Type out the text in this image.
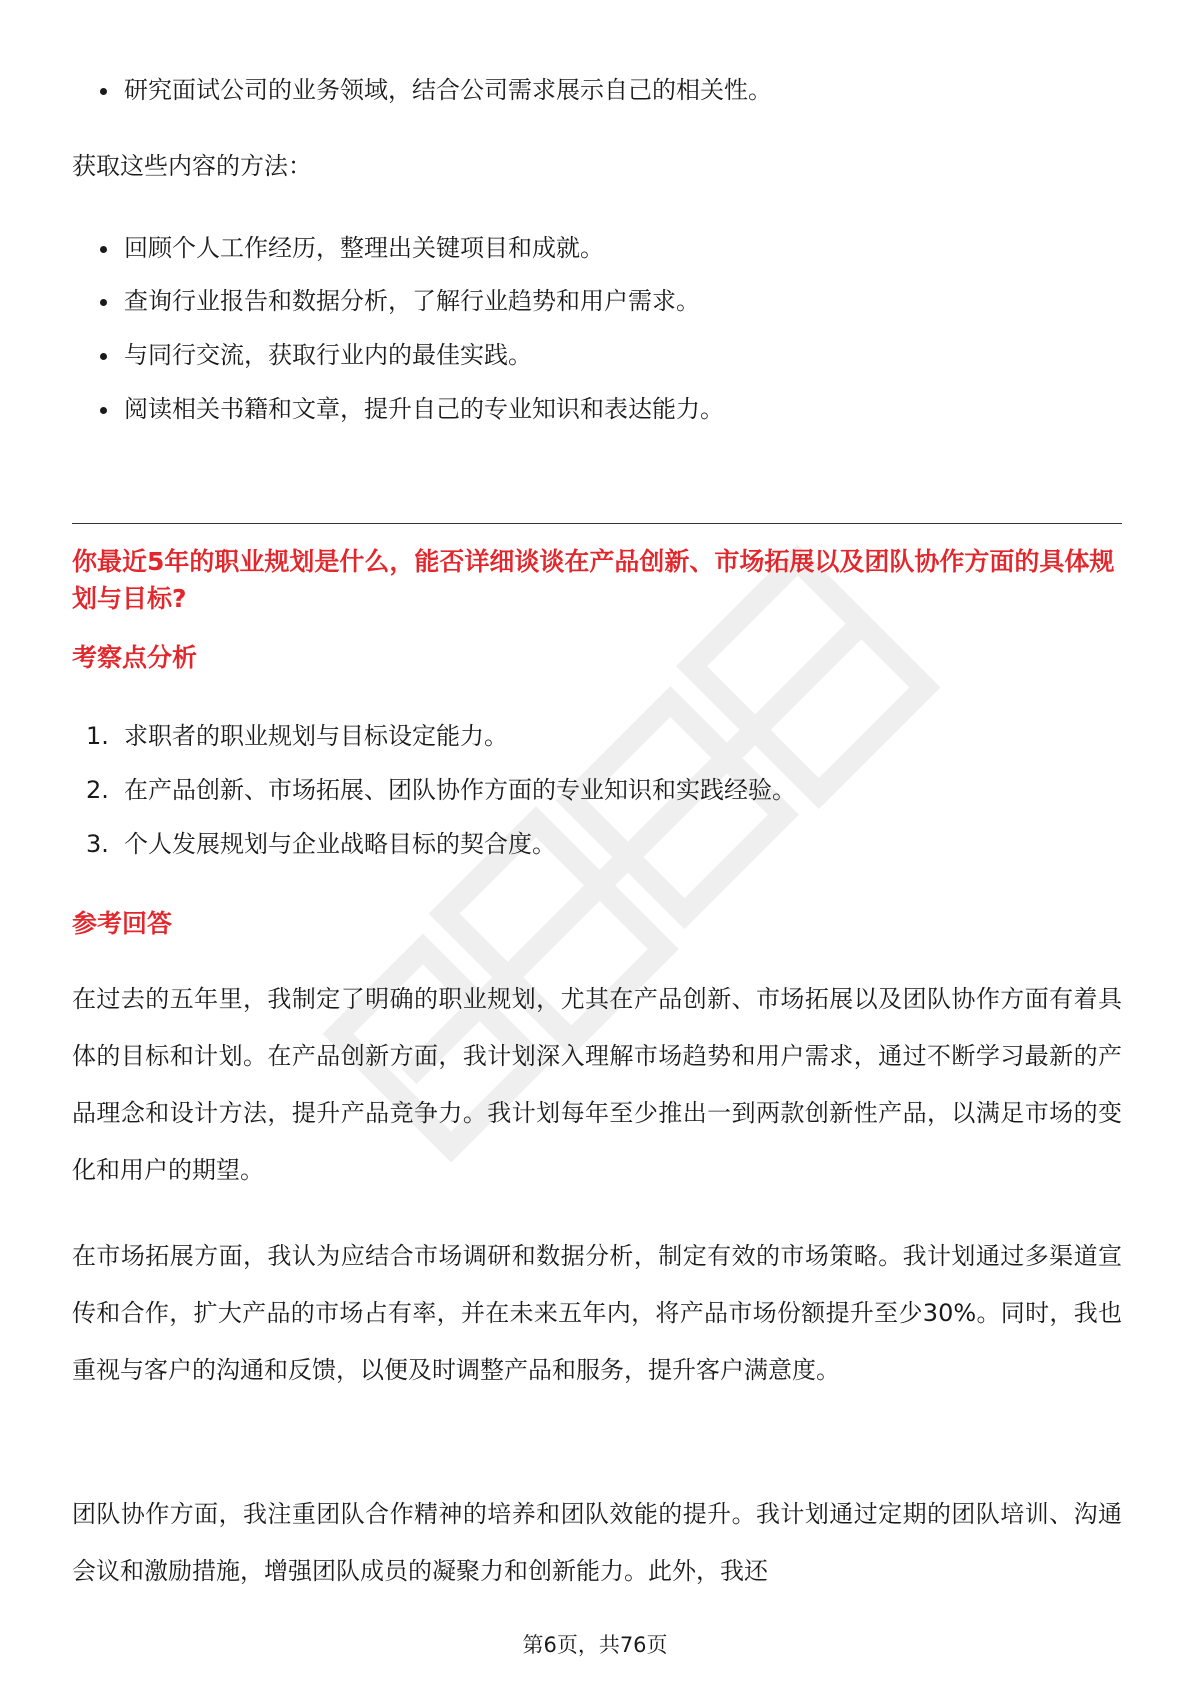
研究面试公司的业务领域，结合公司需求展示自己的相关性。
获取这些内容的方法：
回顾个人工作经历，整理出关键项目和成就。
查询行业报告和数据分析，了解行业趋势和用户需求。
与同行交流，获取行业内的最佳实践。
阅读相关书籍和文章，提升自己的专业知识和表达能力。
你最近5年的职业规划是什么，能否详细谈谈在产品创新、市场拓展以及团队协作方面的具体规划与目标?
考察点分析
1. 求职者的职业规划与目标设定能力。
2. 在产品创新、市场拓展、团队协作方面的专业知识和实践经验。
3. 个人发展规划与企业战略目标的契合度。
参考回答
在过去的五年里，我制定了明确的职业规划，尤其在产品创新、市场拓展以及团队协作方面有着具体的目标和计划。在产品创新方面，我计划深入理解市场趋势和用户需求，通过不断学习最新的产品理念和设计方法，提升产品竞争力。我计划每年至少推出一到两款创新性产品，以满足市场的变化和用户的期望。
在市场拓展方面，我认为应结合市场调研和数据分析，制定有效的市场策略。我计划通过多渠道宣传和合作，扩大产品的市场占有率，并在未来五年内，将产品市场份额提升至少30%。同时，我也重视与客户的沟通和反馈，以便及时调整产品和服务，提升客户满意度。
团队协作方面，我注重团队合作精神的培养和团队效能的提升。我计划通过定期的团队培训、沟通会议和激励措施，增强团队成员的凝聚力和创新能力。此外，我还
第6页，共76页
